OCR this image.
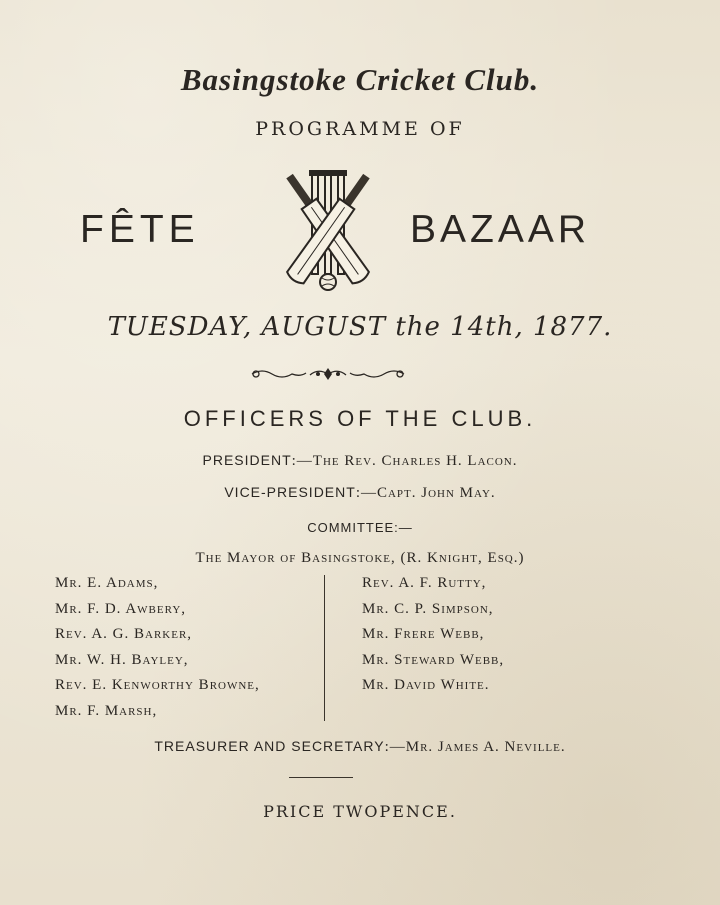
Basingstoke Cricket Club.
PROGRAMME OF
FÊTE	BAZAAR
TUESDAY, AUGUST the 14th, 1877.
OFFICERS OF THE CLUB.
PRESIDENT:—The Rev. Charles H. Lacon.
VICE-PRESIDENT:—Capt. John May.
COMMITTEE:—
The Mayor of Basingstoke, (R. Knight, Esq.)
Mr. E. Adams,
Mr. F. D. Awbery,
Rev. A. G. Barker,
Mr. W. H. Bayley,
Rev. E. Kenworthy Browne,
Mr. F. Marsh,
Rev. A. F. Rutty,
Mr. C. P. Simpson,
Mr. Frere Webb,
Mr. Steward Webb,
Mr. David White.
TREASURER AND SECRETARY:—Mr. James A. Neville.
PRICE TWOPENCE.
